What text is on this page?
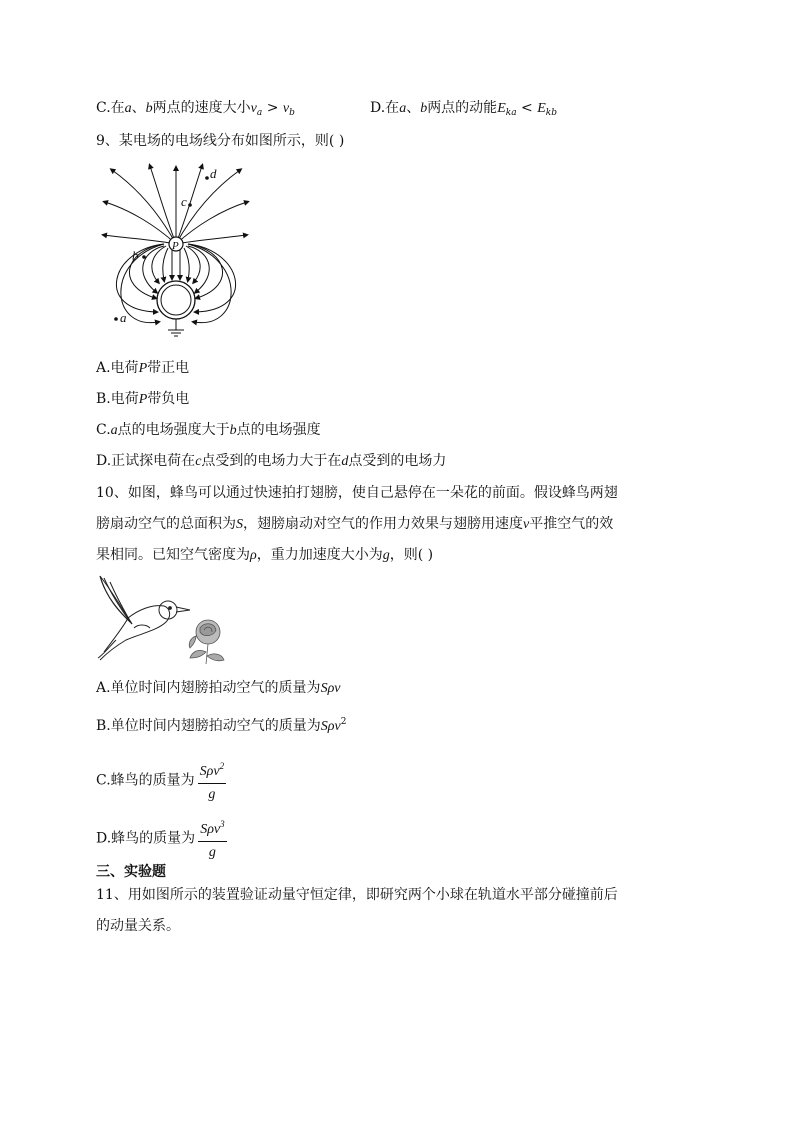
C.在a、b两点的速度大小$v_a > v_b$	D.在a、b两点的动能$E_{ka} < E_{kb}$
9、某电场的电场线分布如图所示，则( )
P
c
d
b
a
A.电荷P带正电
B.电荷P带负电
C.a点的电场强度大于b点的电场强度
D.正试探电荷在c点受到的电场力大于在d点受到的电场力
10、如图，蜂鸟可以通过快速拍打翅膀，使自己悬停在一朵花的前面。假设蜂鸟两翅
膀扇动空气的总面积为S，翅膀扇动对空气的作用力效果与翅膀用速度v平推空气的效
果相同。已知空气密度为ρ，重力加速度大小为g，则( )
A.单位时间内翅膀拍动空气的质量为Sρv
B.单位时间内翅膀拍动空气的质量为Sρv$^2$
C.蜂鸟的质量为 $\frac{S\rho v^2}{g}$
D.蜂鸟的质量为 $\frac{S\rho v^3}{g}$
三、实验题
11、用如图所示的装置验证动量守恒定律，即研究两个小球在轨道水平部分碰撞前后
的动量关系。
